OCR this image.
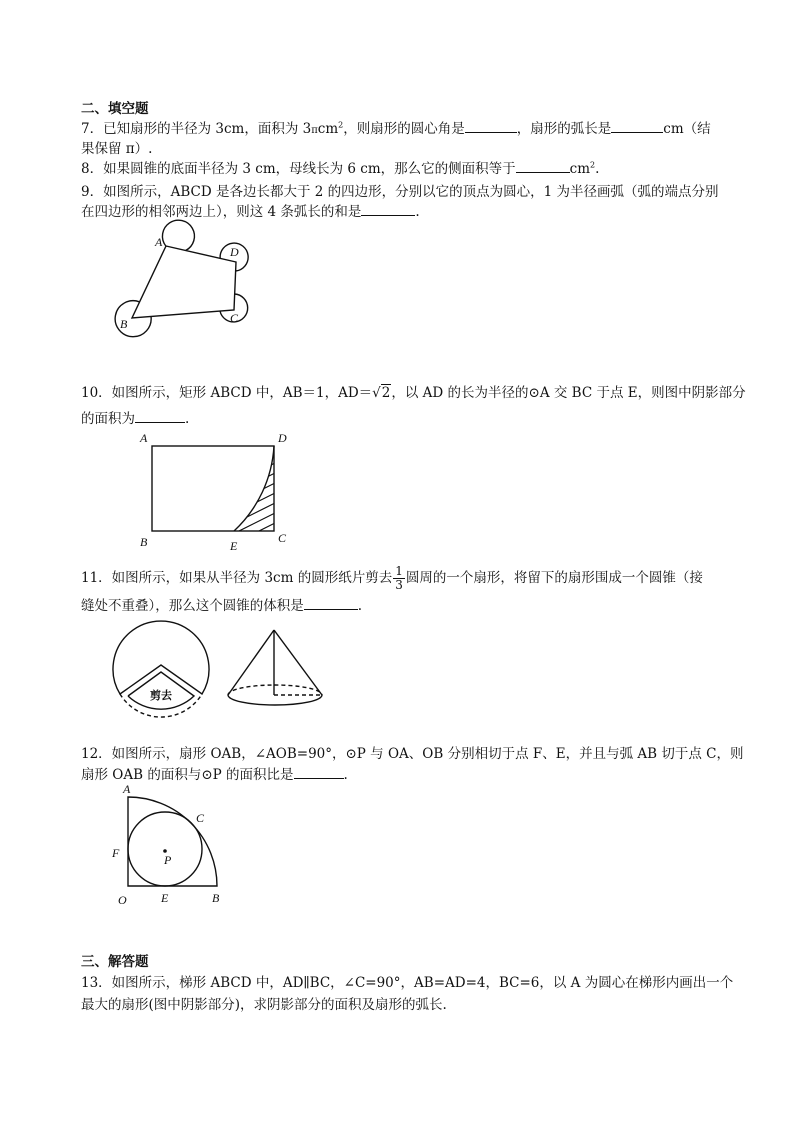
二、填空题
7．已知扇形的半径为 3cm，面积为 3πcm$^2$，则扇形的圆心角是	，扇形的弧长是	cm（结
果保留 π）.
8．如果圆锥的底面半径为 3 cm，母线长为 6 cm，那么它的侧面积等于	$cm^2$.
9．如图所示，ABCD 是各边长都大于 2 的四边形，分别以它的顶点为圆心，1 为半径画弧（弧的端点分别
在四边形的相邻两边上），则这 4 条弧长的和是	.
A
D
C
B
10．如图所示，矩形 ABCD 中，AB＝1，AD＝√2，以 AD 的长为半径的⊙A 交 BC 于点 E，则图中阴影部分
的面积为	.
A	D
B	E
C
11．如图所示，如果从半径为 3cm 的圆形纸片剪去 $\frac{1}{3}$ 圆周的一个扇形，将留下的扇形围成一个圆锥（接
缝处不重叠），那么这个圆锥的体积是	.
剪去
12．如图所示，扇形 OAB，∠AOB=90°，⊙P 与 OA、OB 分别相切于点 F、E，并且与弧 AB 切于点 C，则
扇形 OAB 的面积与⊙P 的面积比是	.
A
C
F	P
O	E	B
三、解答题
13．如图所示，梯形 ABCD 中，AD∥BC，∠C=90°，AB=AD=4，BC=6，以 A 为圆心在梯形内画出一个
最大的扇形(图中阴影部分)，求阴影部分的面积及扇形的弧长.
